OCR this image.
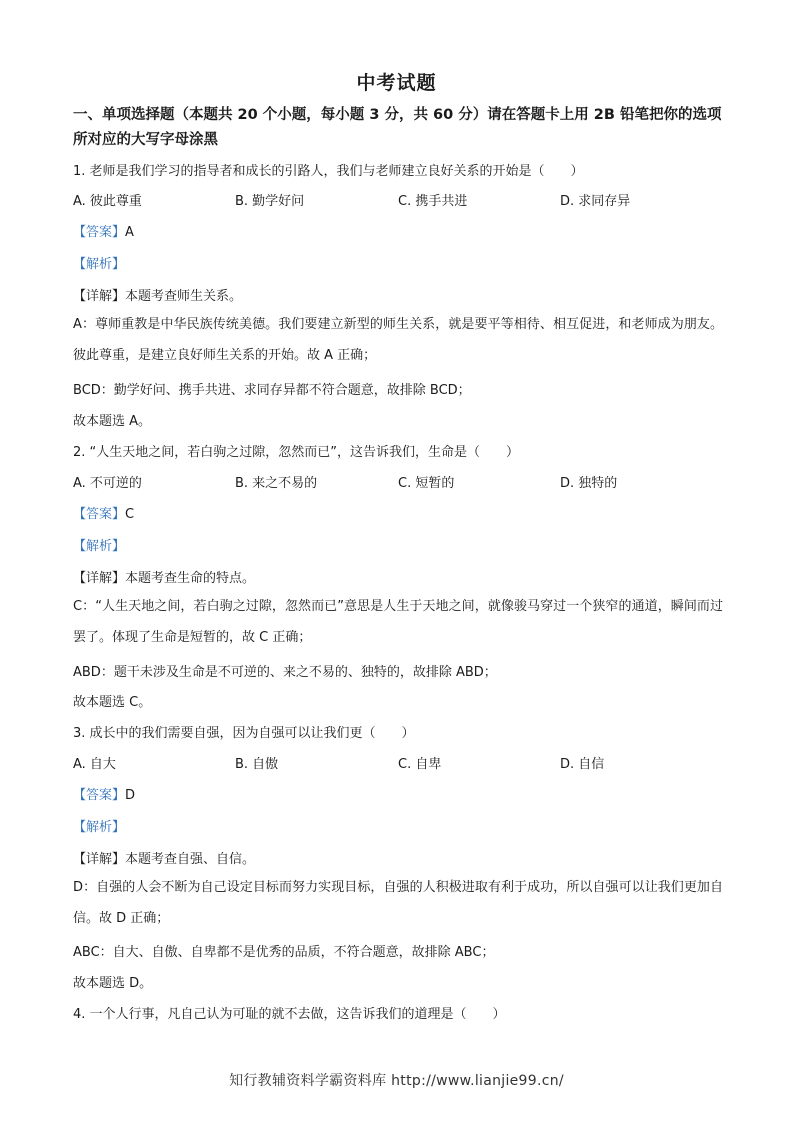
中考试题
一、单项选择题（本题共 20 个小题，每小题 3 分，共 60 分）请在答题卡上用 2B 铅笔把你的选项所对应的大写字母涂黑
1. 老师是我们学习的指导者和成长的引路人，我们与老师建立良好关系的开始是（　　）
A. 彼此尊重	B. 勤学好问	C. 携手共进	D. 求同存异
【答案】A
【解析】
【详解】本题考查师生关系。
A：尊师重教是中华民族传统美德。我们要建立新型的师生关系，就是要平等相待、相互促进，和老师成为朋友。彼此尊重，是建立良好师生关系的开始。故 A 正确；
BCD：勤学好问、携手共进、求同存异都不符合题意，故排除 BCD；
故本题选 A。
2. “人生天地之间，若白驹之过隙，忽然而已”，这告诉我们，生命是（　　）
A. 不可逆的	B. 来之不易的	C. 短暂的	D. 独特的
【答案】C
【解析】
【详解】本题考查生命的特点。
C：“人生天地之间，若白驹之过隙，忽然而已”意思是人生于天地之间，就像骏马穿过一个狭窄的通道，瞬间而过罢了。体现了生命是短暂的，故 C 正确；
ABD：题干未涉及生命是不可逆的、来之不易的、独特的，故排除 ABD；
故本题选 C。
3. 成长中的我们需要自强，因为自强可以让我们更（　　）
A. 自大	B. 自傲	C. 自卑	D. 自信
【答案】D
【解析】
【详解】本题考查自强、自信。
D：自强的人会不断为自己设定目标而努力实现目标，自强的人积极进取有利于成功，所以自强可以让我们更加自信。故 D 正确；
ABC：自大、自傲、自卑都不是优秀的品质，不符合题意，故排除 ABC；
故本题选 D。
4. 一个人行事，凡自己认为可耻的就不去做，这告诉我们的道理是（　　）
知行教辅资料学霸资料库 http://www.lianjie99.cn/
